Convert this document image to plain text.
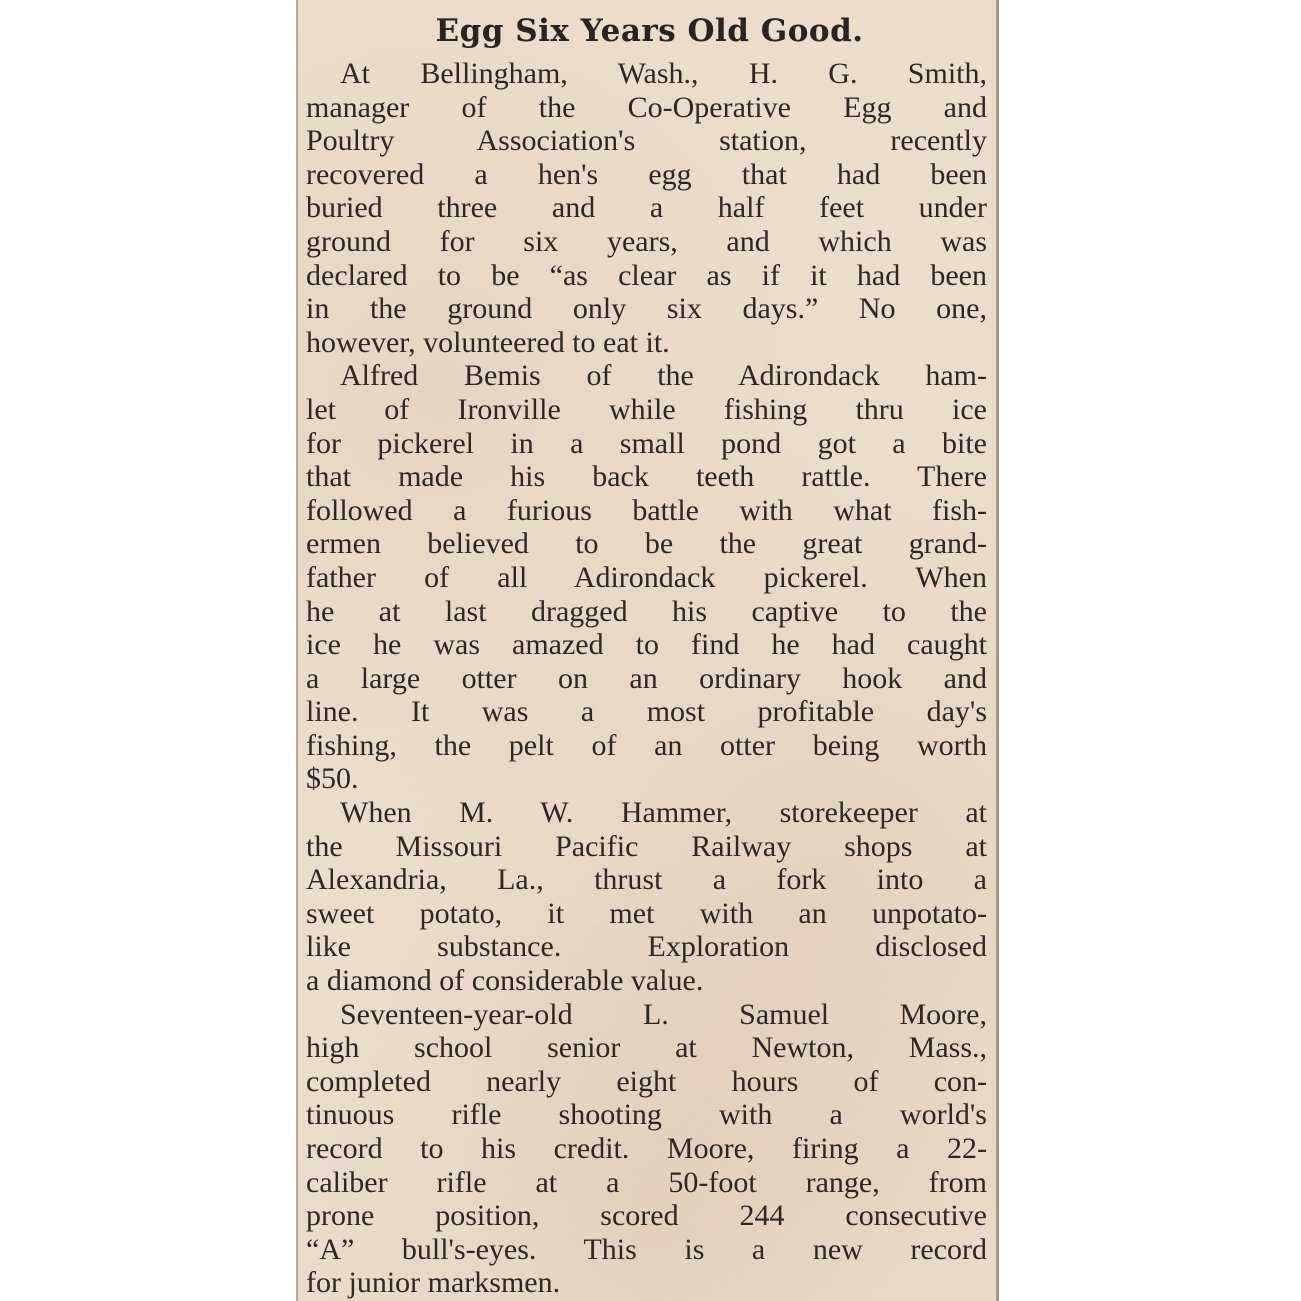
Egg Six Years Old Good.
At Bellingham, Wash., H. G. Smith,
manager of the Co-Operative Egg and
Poultry Association's station, recently
recovered a hen's egg that had been
buried three and a half feet under
ground for six years, and which was
declared to be “as clear as if it had been
in the ground only six days.” No one,
however, volunteered to eat it.
Alfred Bemis of the Adirondack ham-
let of Ironville while fishing thru ice
for pickerel in a small pond got a bite
that made his back teeth rattle. There
followed a furious battle with what fish-
ermen believed to be the great grand-
father of all Adirondack pickerel. When
he at last dragged his captive to the
ice he was amazed to find he had caught
a large otter on an ordinary hook and
line. It was a most profitable day's
fishing, the pelt of an otter being worth
$50.
When M. W. Hammer, storekeeper at
the Missouri Pacific Railway shops at
Alexandria, La., thrust a fork into a
sweet potato, it met with an unpotato-
like substance. Exploration disclosed
a diamond of considerable value.
Seventeen-year-old L. Samuel Moore,
high school senior at Newton, Mass.,
completed nearly eight hours of con-
tinuous rifle shooting with a world's
record to his credit. Moore, firing a 22-
caliber rifle at a 50-foot range, from
prone position, scored 244 consecutive
“A” bull's-eyes. This is a new record
for junior marksmen.
